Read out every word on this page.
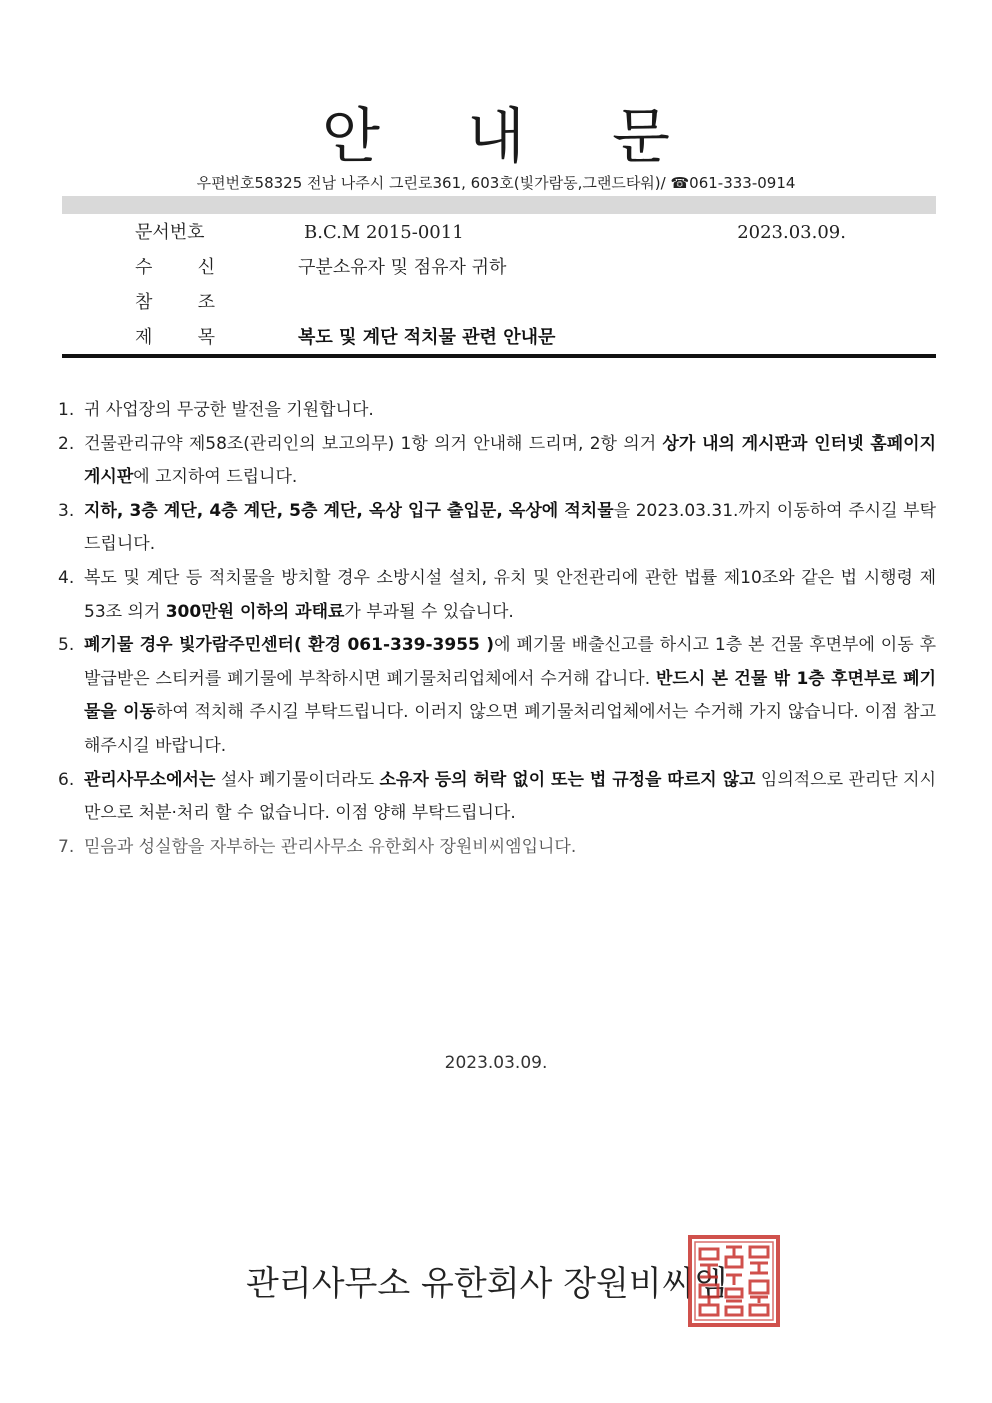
안 내 문
우편번호58325 전남 나주시 그린로361, 603호(빛가람동,그랜드타워)/ ☎061-333-0914
문서번호	B.C.M 2015-0011	2023.03.09.
수	신	구분소유자 및 점유자 귀하
참	조
제	목	복도 및 계단 적치물 관련 안내문
1. 귀 사업장의 무궁한 발전을 기원합니다.
2. 건물관리규약 제58조(관리인의 보고의무) 1항 의거 안내해 드리며, 2항 의거 상가 내의 게시판과 인터넷 홈페이지 게시판에 고지하여 드립니다.
3. 지하, 3층 계단, 4층 계단, 5층 계단, 옥상 입구 출입문, 옥상에 적치물을 2023.03.31.까지 이동하여 주시길 부탁드립니다.
4. 복도 및 계단 등 적치물을 방치할 경우 소방시설 설치, 유치 및 안전관리에 관한 법률 제10조와 같은 법 시행령 제53조 의거 300만원 이하의 과태료가 부과될 수 있습니다.
5. 폐기물 경우 빛가람주민센터( 환경 061-339-3955 )에 폐기물 배출신고를 하시고 1층 본 건물 후면부에 이동 후 발급받은 스티커를 폐기물에 부착하시면 폐기물처리업체에서 수거해 갑니다. 반드시 본 건물 밖 1층 후면부로 폐기물을 이동하여 적치해 주시길 부탁드립니다. 이러지 않으면 폐기물처리업체에서는 수거해 가지 않습니다. 이점 참고해주시길 바랍니다.
6. 관리사무소에서는 설사 폐기물이더라도 소유자 등의 허락 없이 또는 법 규정을 따르지 않고 임의적으로 관리단 지시만으로 처분·처리 할 수 없습니다. 이점 양해 부탁드립니다.
7. 믿음과 성실함을 자부하는 관리사무소 유한회사 장원비씨엠입니다.
2023.03.09.
관리사무소 유한회사 장원비씨엠
